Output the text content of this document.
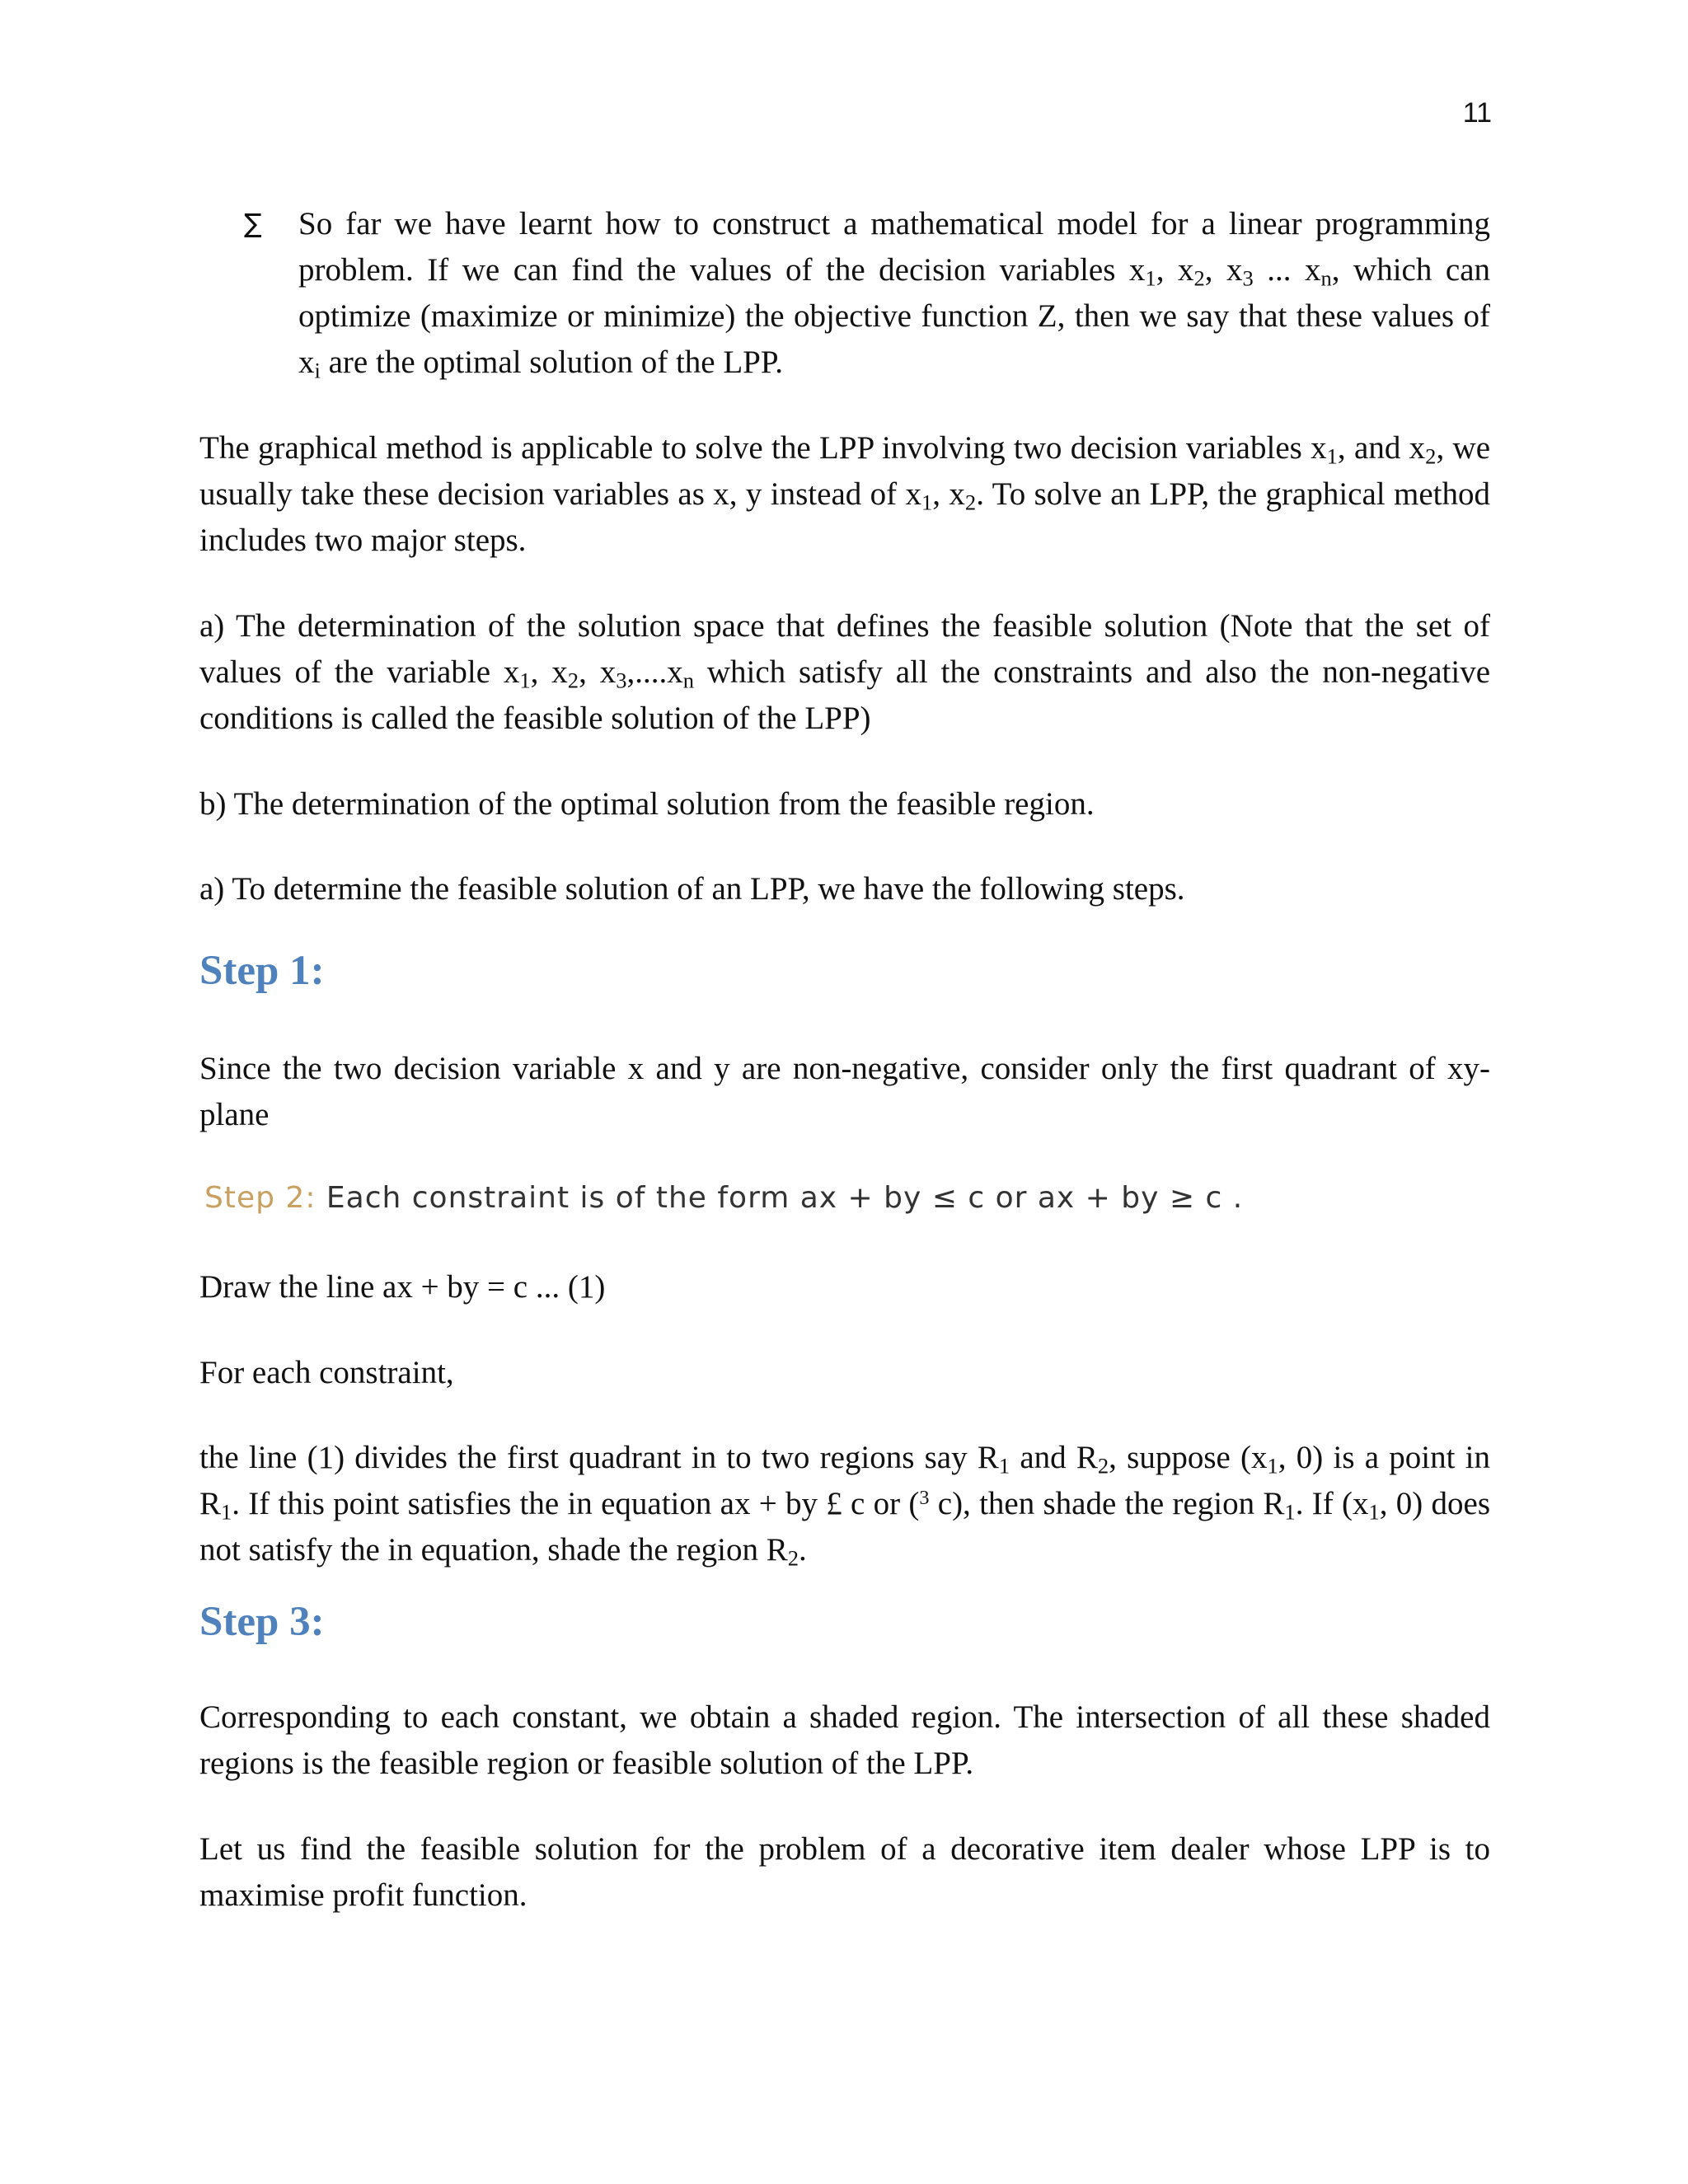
11
∑ So far we have learnt how to construct a mathematical model for a linear programming problem. If we can find the values of the decision variables $x_1$, $x_2$, $x_3$ ... $x_n$, which can optimize (maximize or minimize) the objective function Z, then we say that these values of $x_i$ are the optimal solution of the LPP.

The graphical method is applicable to solve the LPP involving two decision variables $x_1$, and $x_2$, we usually take these decision variables as x, y instead of $x_1$, $x_2$. To solve an LPP, the graphical method includes two major steps.

a) The determination of the solution space that defines the feasible solution (Note that the set of values of the variable $x_1$, $x_2$, $x_3,....x_n$ which satisfy all the constraints and also the non-negative conditions is called the feasible solution of the LPP)

b) The determination of the optimal solution from the feasible region.

a) To determine the feasible solution of an LPP, we have the following steps.

Step 1:

Since the two decision variable x and y are non-negative, consider only the first quadrant of xy-plane

Step 2: Each constraint is of the form ax + by ≤ c or ax + by ≥ c .

Draw the line ax + by = c ... (1)

For each constraint,

the line (1) divides the first quadrant in to two regions say $R_1$ and $R_2$, suppose ($x_1$, 0) is a point in $R_1$. If this point satisfies the in equation ax + by £ c or ($^3$ c), then shade the region $R_1$. If ($x_1$, 0) does not satisfy the in equation, shade the region $R_2$.

Step 3:

Corresponding to each constant, we obtain a shaded region. The intersection of all these shaded regions is the feasible region or feasible solution of the LPP.

Let us find the feasible solution for the problem of a decorative item dealer whose LPP is to maximise profit function.
